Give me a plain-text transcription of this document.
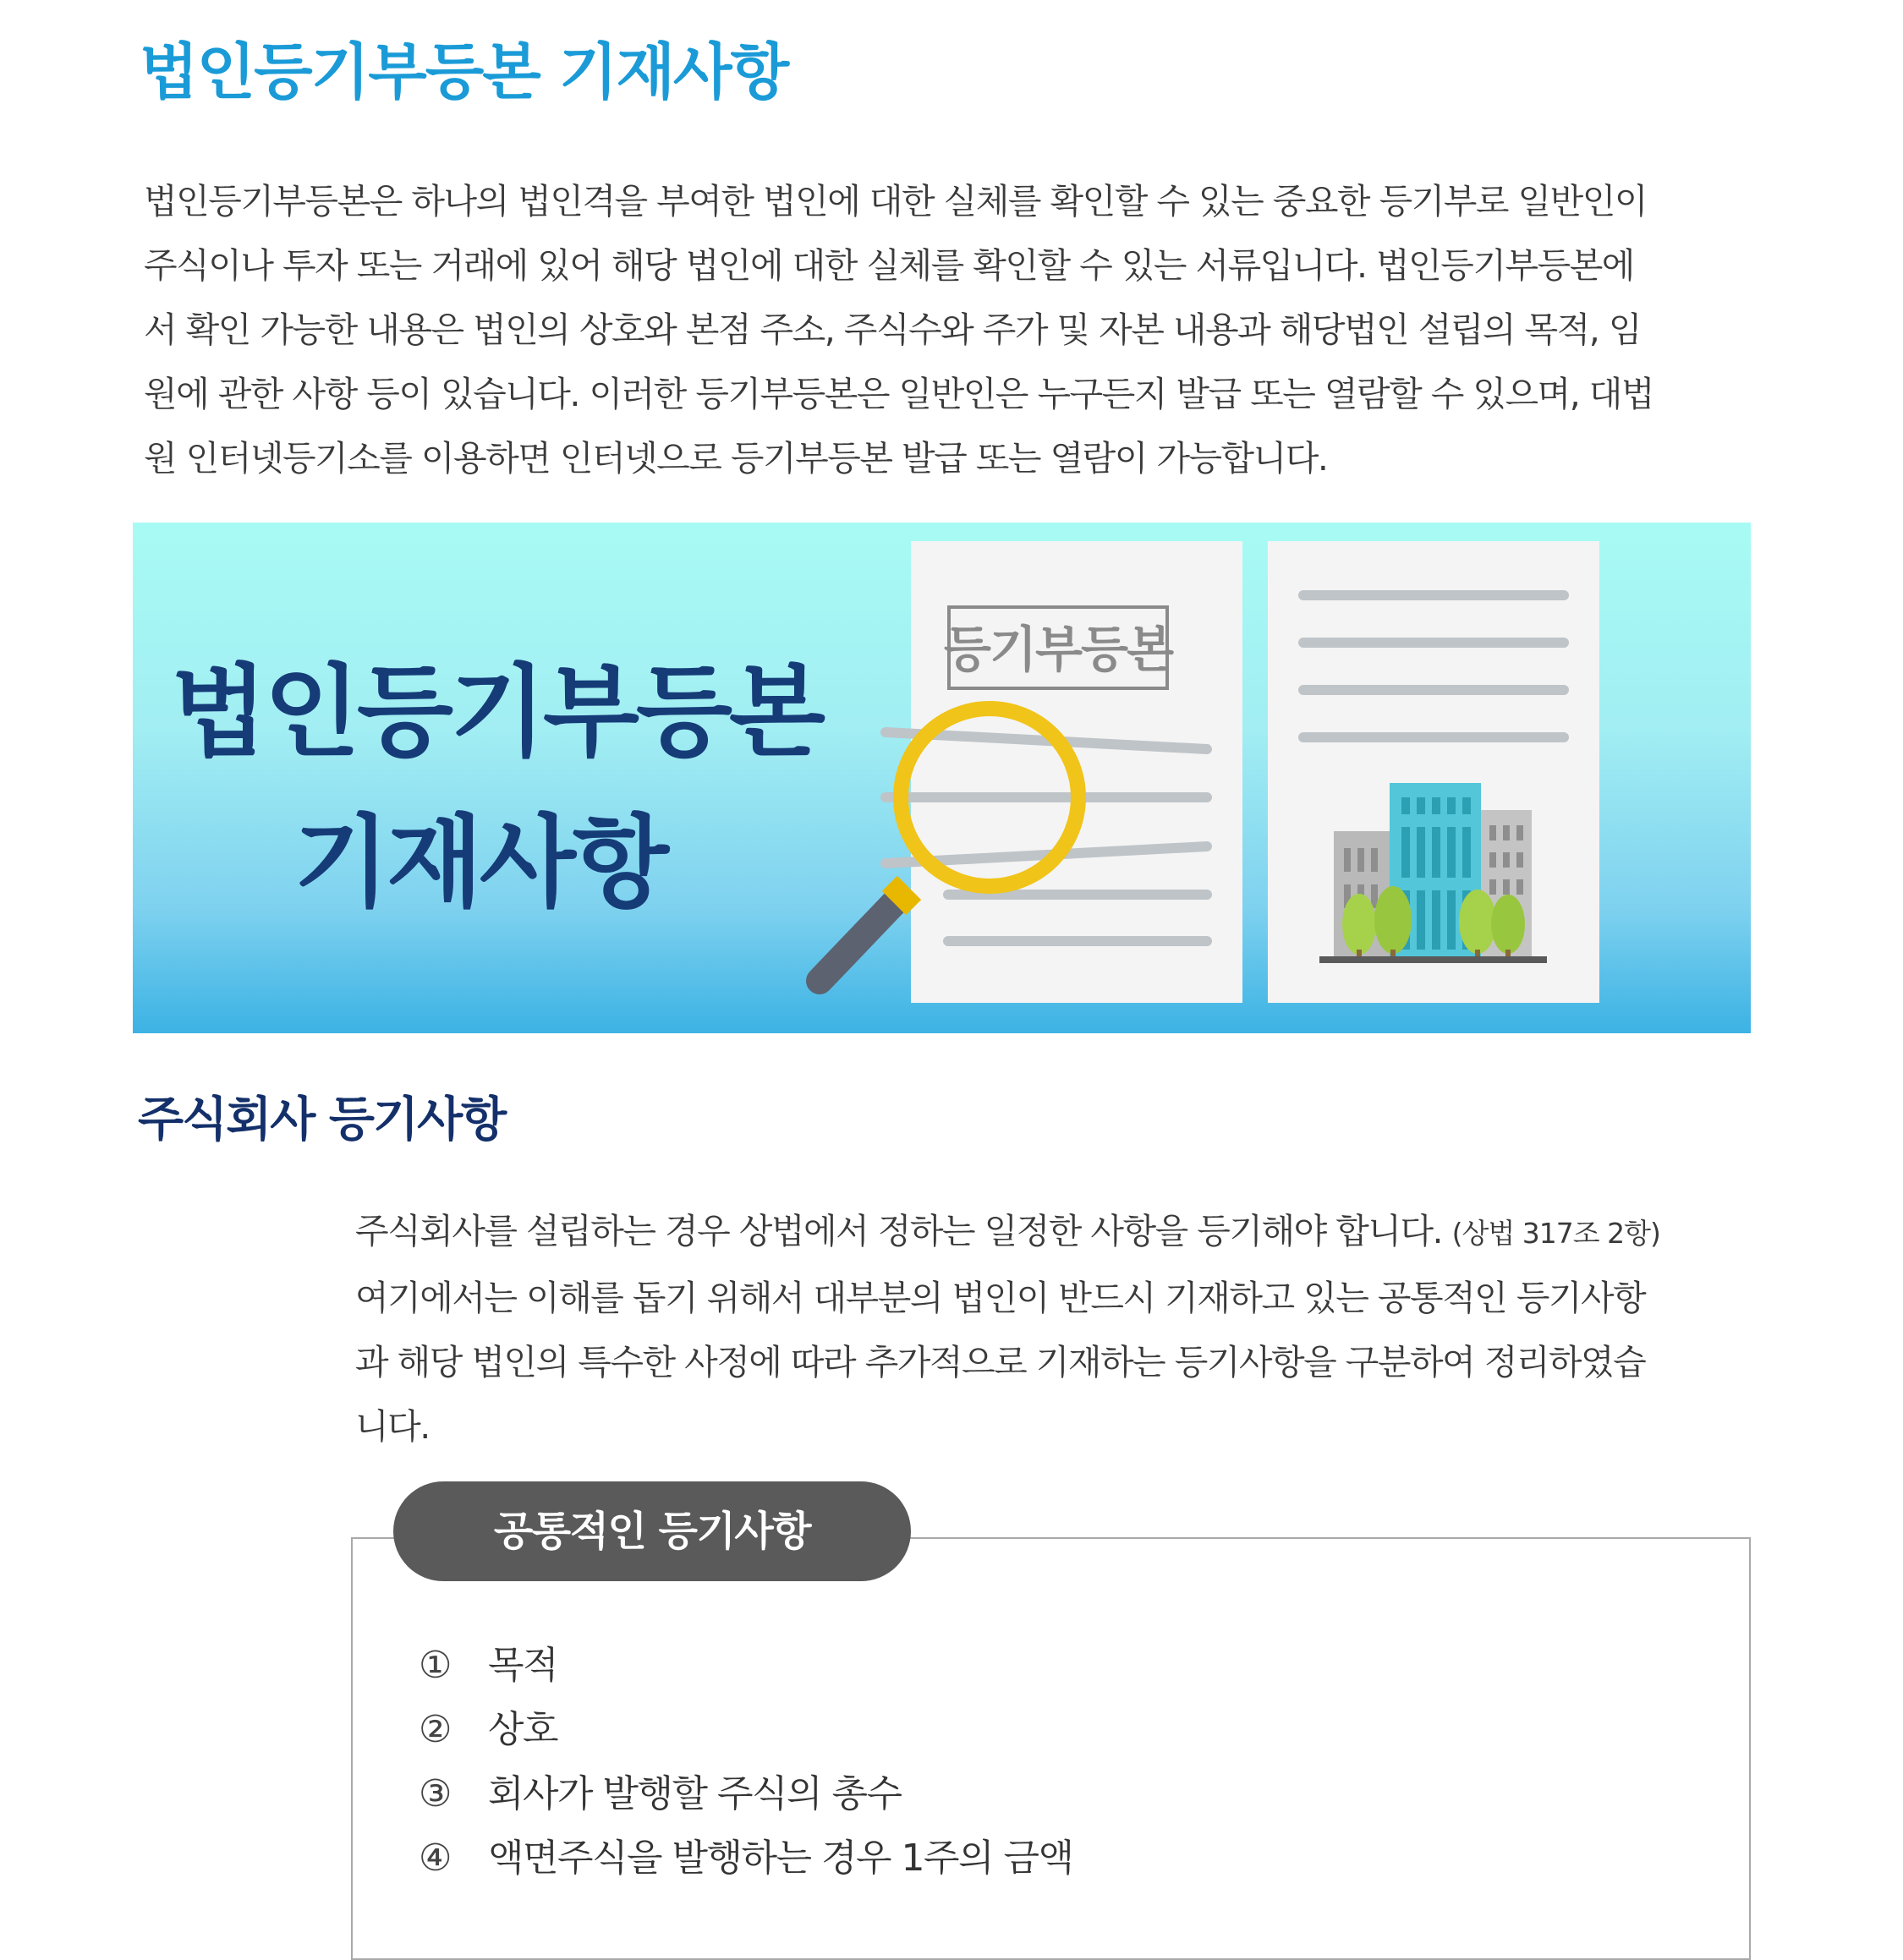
법인등기부등본 기재사항

법인등기부등본은 하나의 법인격을 부여한 법인에 대한 실체를 확인할 수 있는 중요한 등기부로 일반인이
주식이나 투자 또는 거래에 있어 해당 법인에 대한 실체를 확인할 수 있는 서류입니다. 법인등기부등본에
서 확인 가능한 내용은 법인의 상호와 본점 주소, 주식수와 주가 및 자본 내용과 해당법인 설립의 목적, 임
원에 관한 사항 등이 있습니다. 이러한 등기부등본은 일반인은 누구든지 발급 또는 열람할 수 있으며, 대법
원 인터넷등기소를 이용하면 인터넷으로 등기부등본 발급 또는 열람이 가능합니다.

법인등기부등본
기재사항
등기부등본
주식회사 등기사항

주식회사를 설립하는 경우 상법에서 정하는 일정한 사항을 등기해야 합니다. (상법 317조 2항)
여기에서는 이해를 돕기 위해서 대부분의 법인이 반드시 기재하고 있는 공통적인 등기사항
과 해당 법인의 특수한 사정에 따라 추가적으로 기재하는 등기사항을 구분하여 정리하였습
니다.

공통적인 등기사항
① 목적
② 상호
③ 회사가 발행할 주식의 총수
④ 액면주식을 발행하는 경우 1주의 금액
